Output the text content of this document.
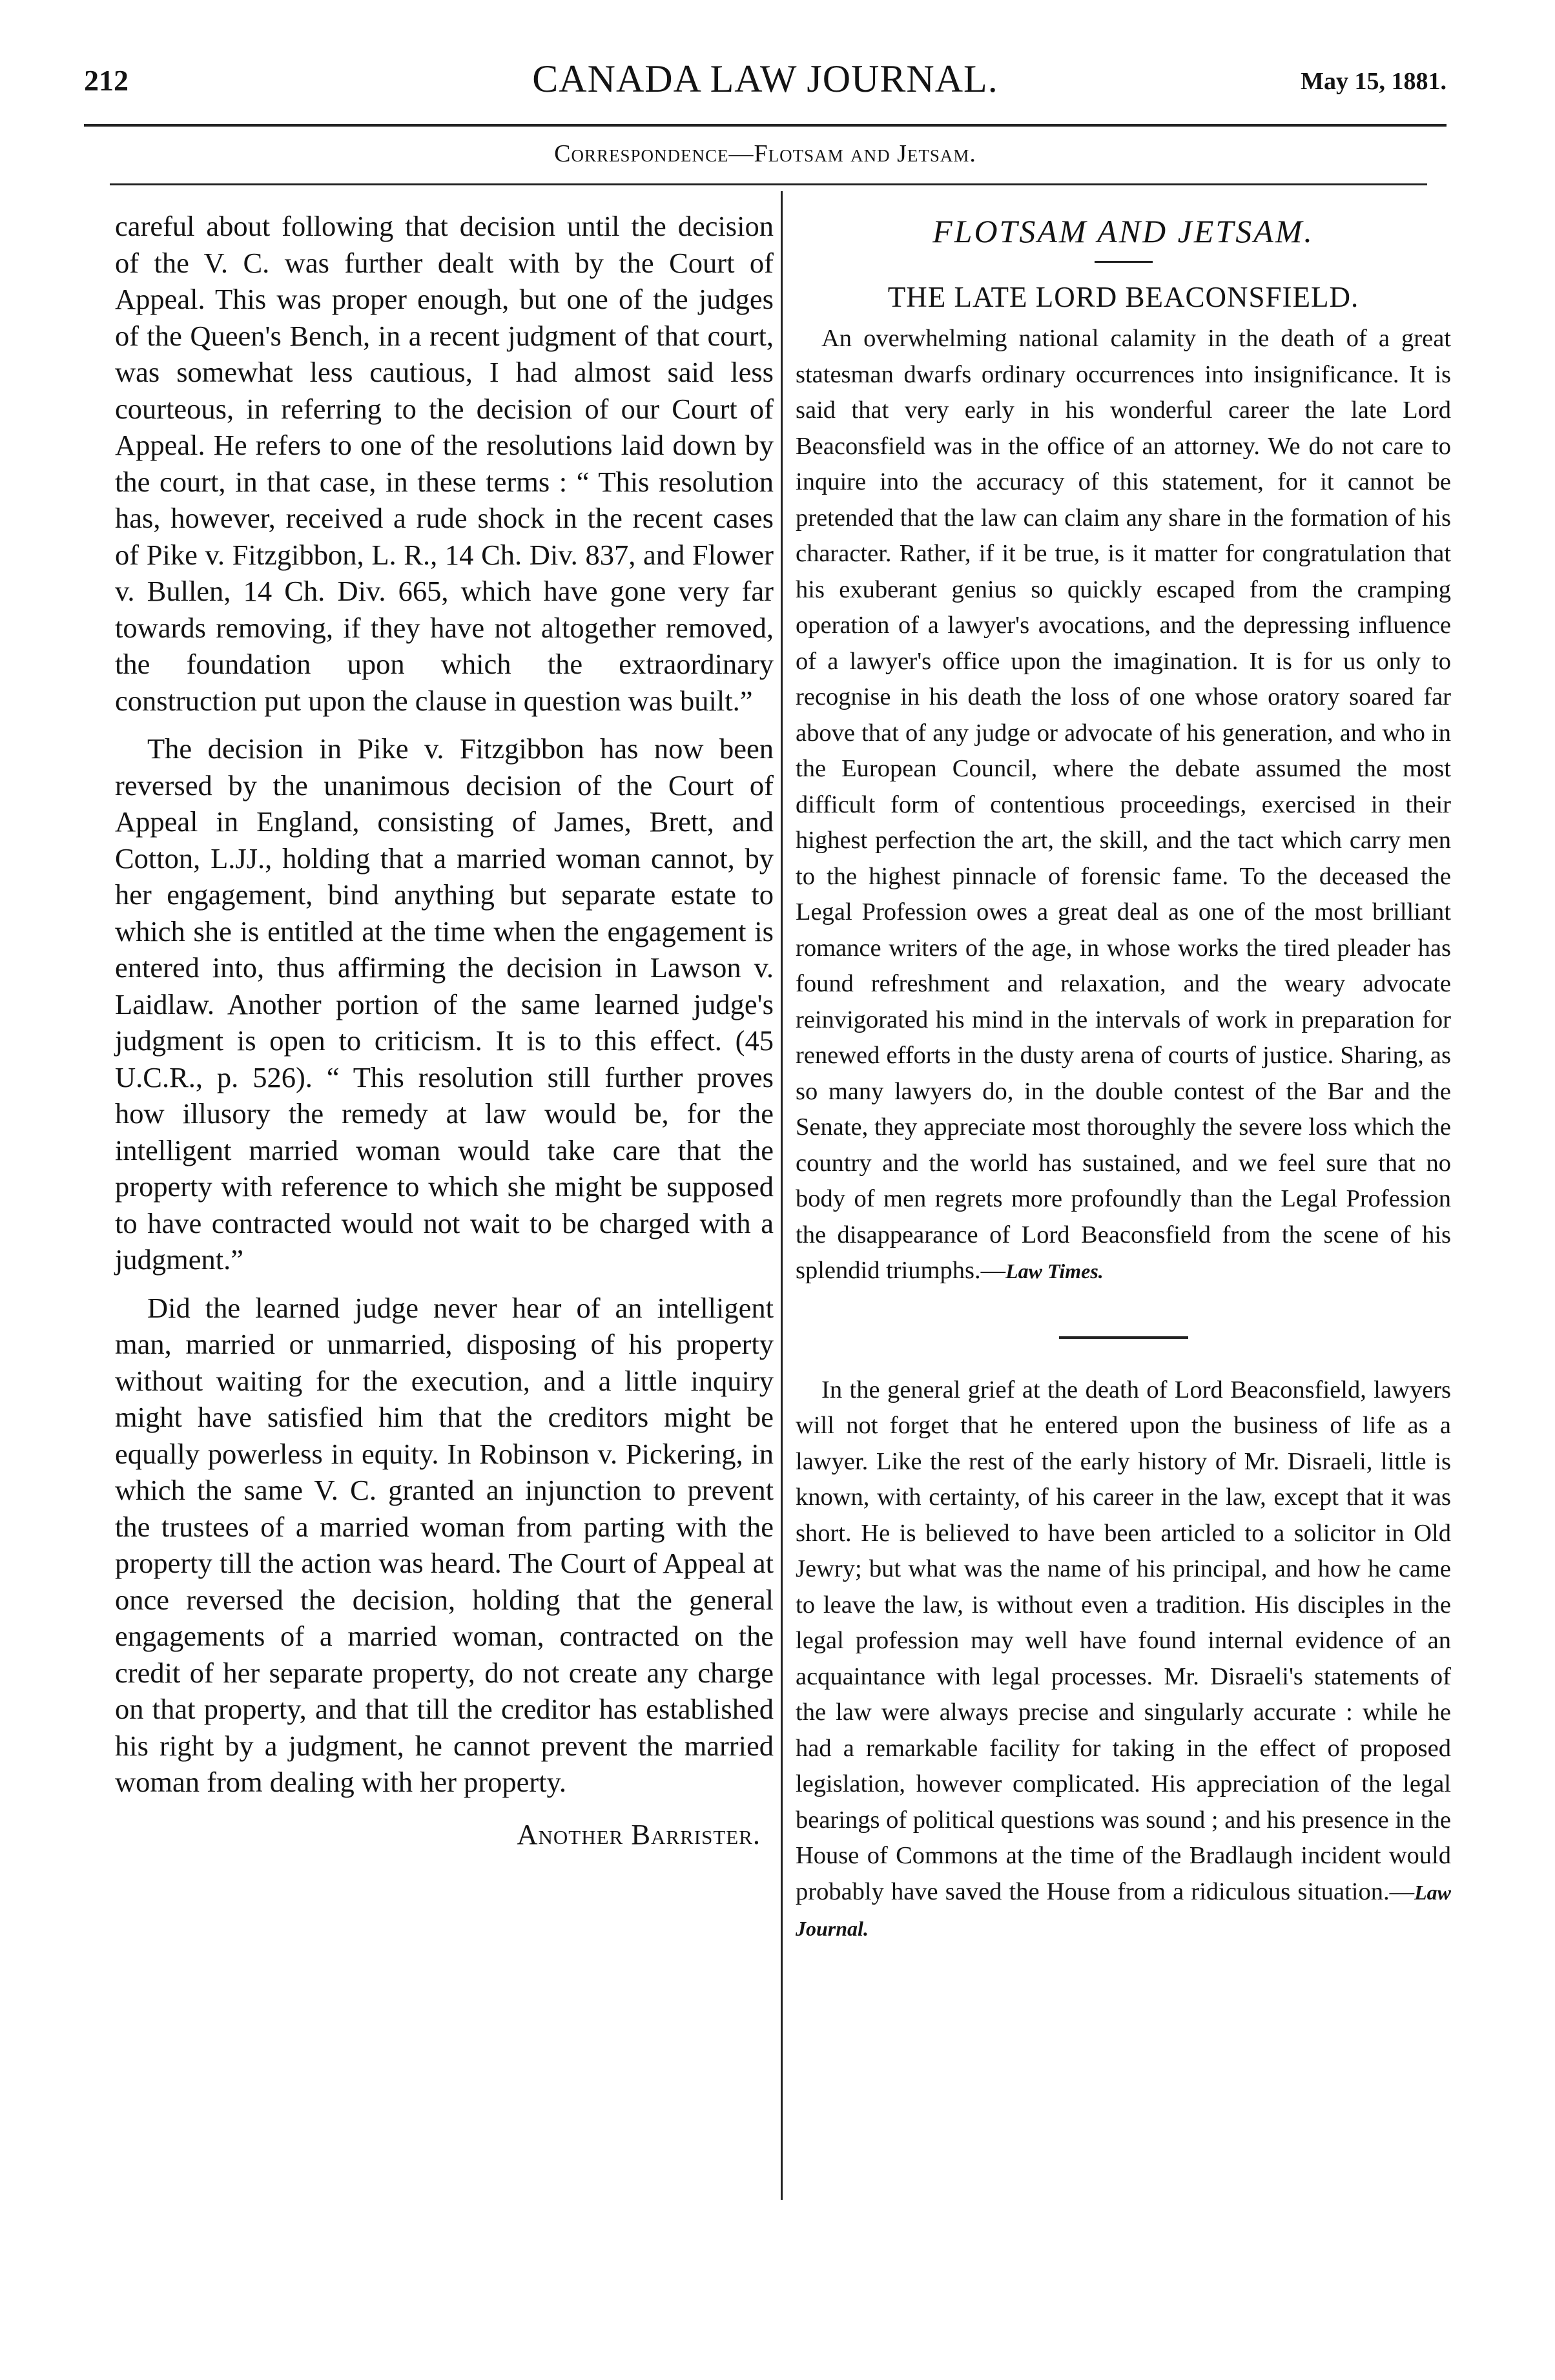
212	CANADA LAW JOURNAL.	May 15, 1881.
Correspondence—Flotsam and Jetsam.

careful about following that decision until the decision of the V. C. was further dealt with by the Court of Appeal. This was proper enough, but one of the judges of the Queen's Bench, in a recent judgment of that court, was somewhat less cautious, I had almost said less courteous, in referring to the decision of our Court of Appeal. He refers to one of the resolutions laid down by the court, in that case, in these terms : “ This resolution has, however, received a rude shock in the recent cases of Pike v. Fitzgibbon, L. R., 14 Ch. Div. 837, and Flower v. Bullen, 14 Ch. Div. 665, which have gone very far towards removing, if they have not altogether removed, the foundation upon which the extraordinary construction put upon the clause in question was built.”

The decision in Pike v. Fitzgibbon has now been reversed by the unanimous decision of the Court of Appeal in England, consisting of James, Brett, and Cotton, L.JJ., holding that a married woman cannot, by her engagement, bind anything but separate estate to which she is entitled at the time when the engagement is entered into, thus affirming the decision in Lawson v. Laidlaw. Another portion of the same learned judge's judgment is open to criticism. It is to this effect. (45 U.C.R., p. 526). “ This resolution still further proves how illusory the remedy at law would be, for the intelligent married woman would take care that the property with reference to which she might be supposed to have contracted would not wait to be charged with a judgment.”

Did the learned judge never hear of an intelligent man, married or unmarried, disposing of his property without waiting for the execution, and a little inquiry might have satisfied him that the creditors might be equally powerless in equity. In Robinson v. Pickering, in which the same V. C. granted an injunction to prevent the trustees of a married woman from parting with the property till the action was heard. The Court of Appeal at once reversed the decision, holding that the general engagements of a married woman, contracted on the credit of her separate property, do not create any charge on that property, and that till the creditor has established his right by a judgment, he cannot prevent the married woman from dealing with her property.

Another Barrister.
FLOTSAM AND JETSAM.
THE LATE LORD BEACONSFIELD.

An overwhelming national calamity in the death of a great statesman dwarfs ordinary occurrences into insignificance. It is said that very early in his wonderful career the late Lord Beaconsfield was in the office of an attorney. We do not care to inquire into the accuracy of this statement, for it cannot be pretended that the law can claim any share in the formation of his character. Rather, if it be true, is it matter for congratulation that his exuberant genius so quickly escaped from the cramping operation of a lawyer's avocations, and the depressing influence of a lawyer's office upon the imagination. It is for us only to recognise in his death the loss of one whose oratory soared far above that of any judge or advocate of his generation, and who in the European Council, where the debate assumed the most difficult form of contentious proceedings, exercised in their highest perfection the art, the skill, and the tact which carry men to the highest pinnacle of forensic fame. To the deceased the Legal Profession owes a great deal as one of the most brilliant romance writers of the age, in whose works the tired pleader has found refreshment and relaxation, and the weary advocate reinvigorated his mind in the intervals of work in preparation for renewed efforts in the dusty arena of courts of justice. Sharing, as so many lawyers do, in the double contest of the Bar and the Senate, they appreciate most thoroughly the severe loss which the country and the world has sustained, and we feel sure that no body of men regrets more profoundly than the Legal Profession the disappearance of Lord Beaconsfield from the scene of his splendid triumphs.—Law Times.

In the general grief at the death of Lord Beaconsfield, lawyers will not forget that he entered upon the business of life as a lawyer. Like the rest of the early history of Mr. Disraeli, little is known, with certainty, of his career in the law, except that it was short. He is believed to have been articled to a solicitor in Old Jewry; but what was the name of his principal, and how he came to leave the law, is without even a tradition. His disciples in the legal profession may well have found internal evidence of an acquaintance with legal processes. Mr. Disraeli's statements of the law were always precise and singularly accurate : while he had a remarkable facility for taking in the effect of proposed legislation, however complicated. His appreciation of the legal bearings of political questions was sound ; and his presence in the House of Commons at the time of the Bradlaugh incident would probably have saved the House from a ridiculous situation.—Law Journal.
